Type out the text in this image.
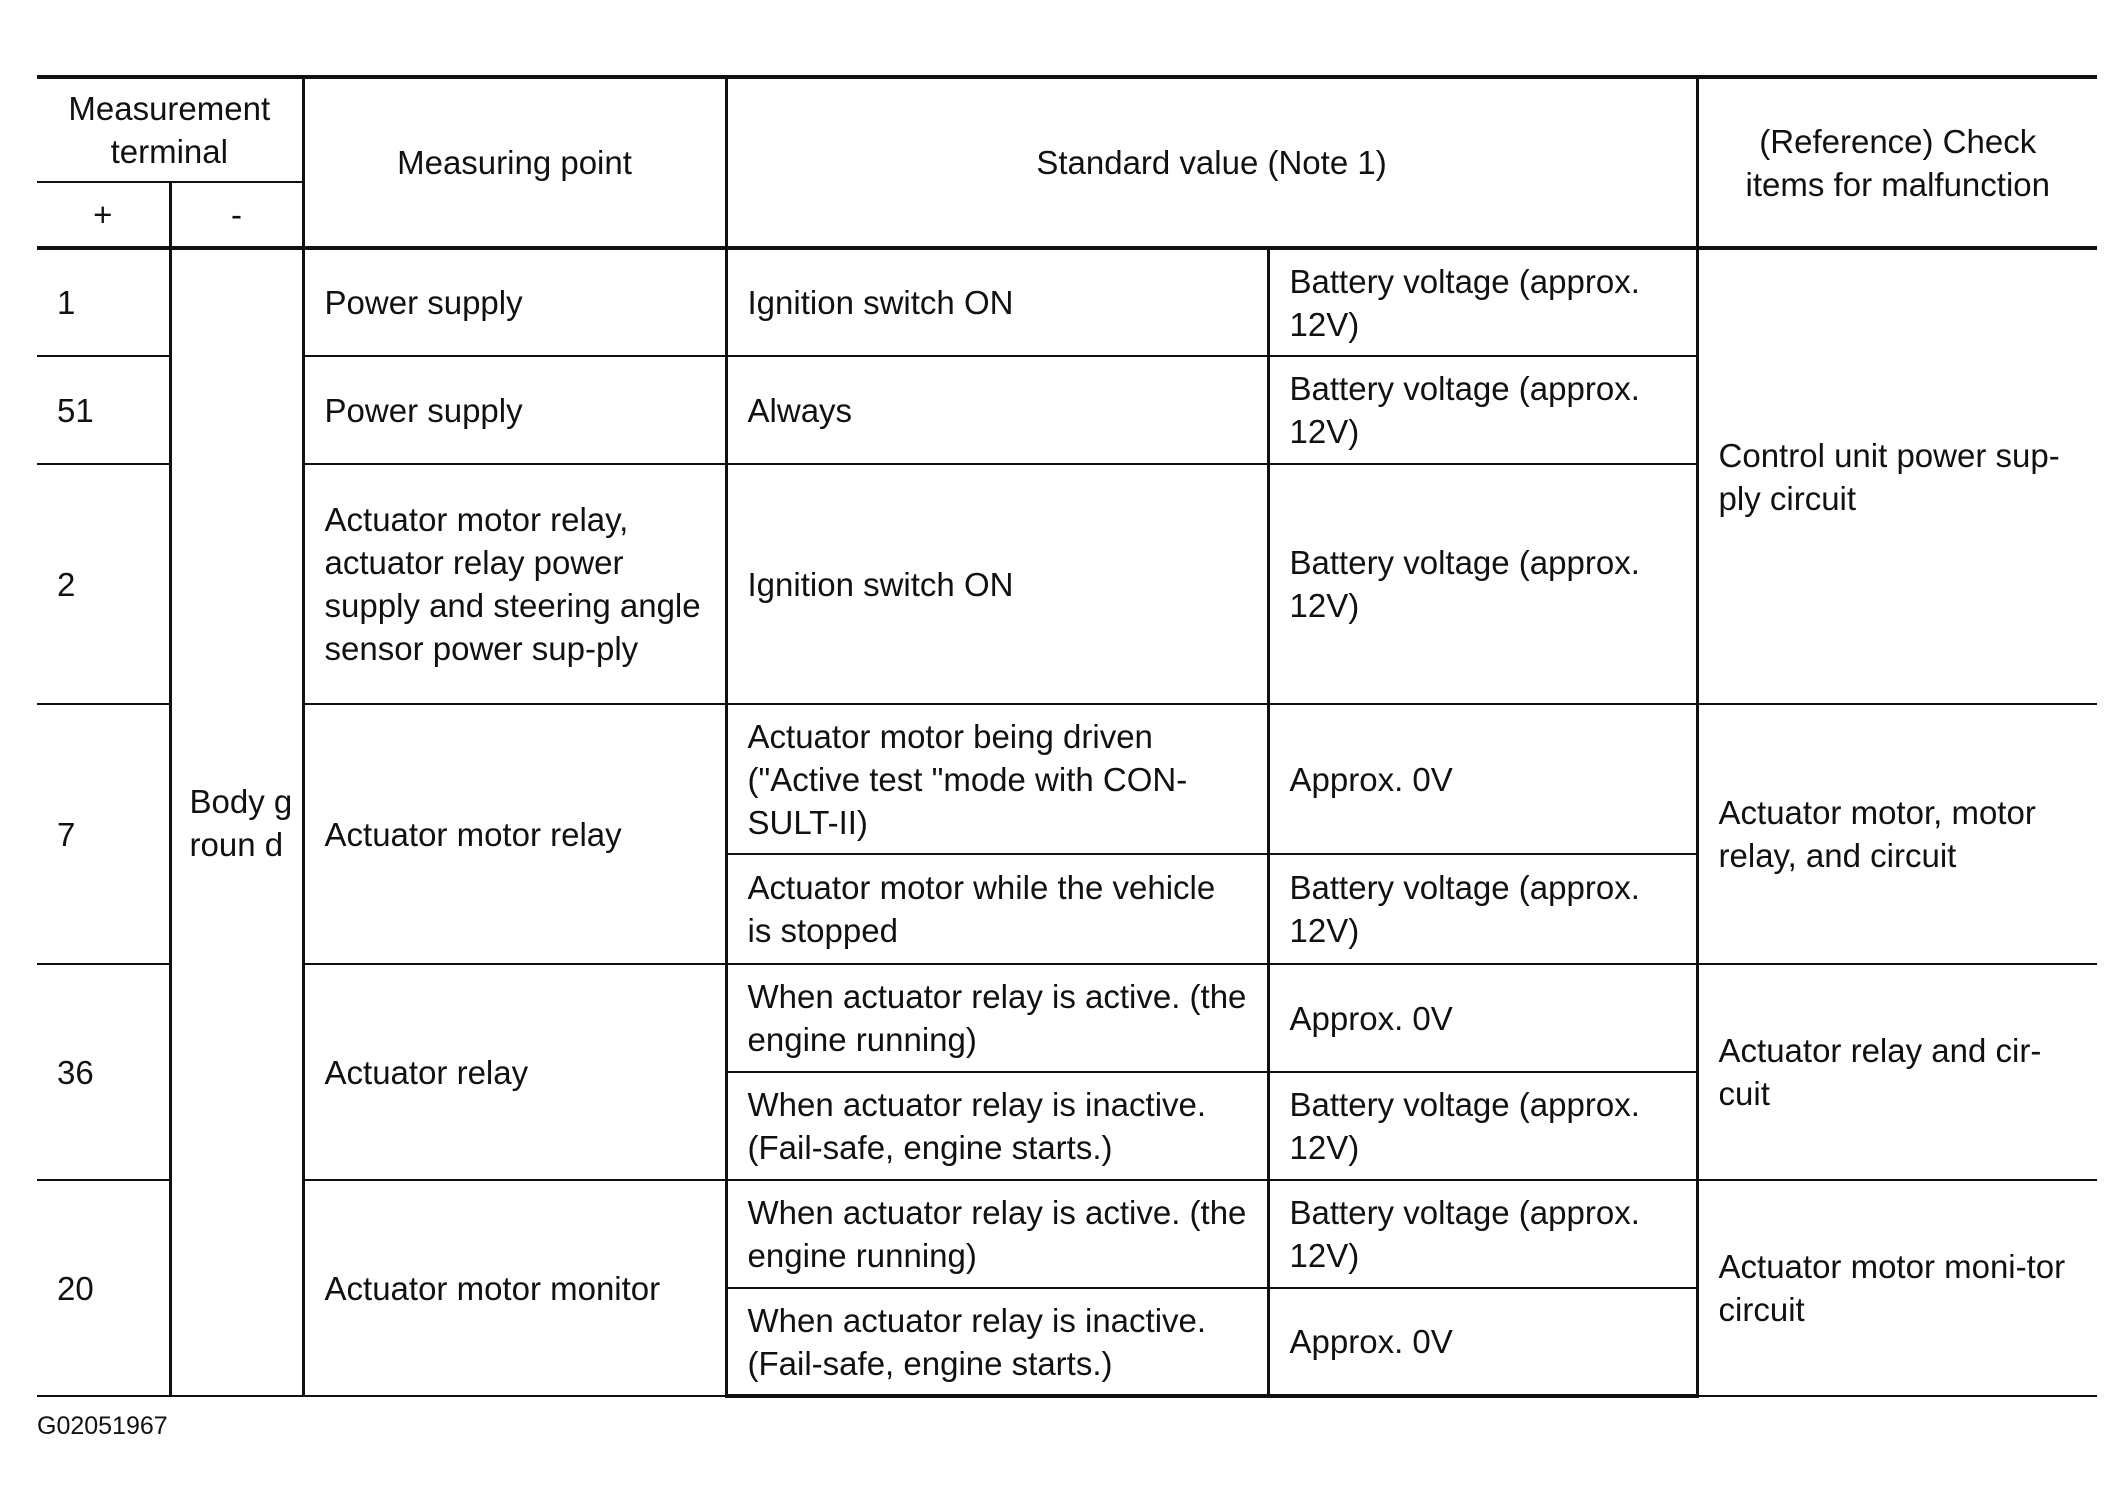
Measurement terminal		Measuring point	Standard value (Note 1)		(Reference) Check items for malfunction
+	-				
1	Body groun d	Power supply	Ignition switch ON	Battery voltage (approx. 12V)	Control unit power sup-ply circuit
51		Power supply	Always	Battery voltage (approx. 12V)	
2		Actuator motor relay, actuator relay power supply and steering angle sensor power sup-ply	Ignition switch ON	Battery voltage (approx. 12V)	
7		Actuator motor relay	Actuator motor being driven ("Active test "mode with CON-SULT-II)	Approx. 0V	Actuator motor, motor relay, and circuit
			Actuator motor while the vehicle is stopped	Battery voltage (approx. 12V)	
36		Actuator relay	When actuator relay is active. (the engine running)	Approx. 0V	Actuator relay and cir-cuit
			When actuator relay is inactive. (Fail-safe, engine starts.)	Battery voltage (approx. 12V)	
20		Actuator motor monitor	When actuator relay is active. (the engine running)	Battery voltage (approx. 12V)	Actuator motor moni-tor circuit
			When actuator relay is inactive. (Fail-safe, engine starts.)	Approx. 0V	
G02051967
